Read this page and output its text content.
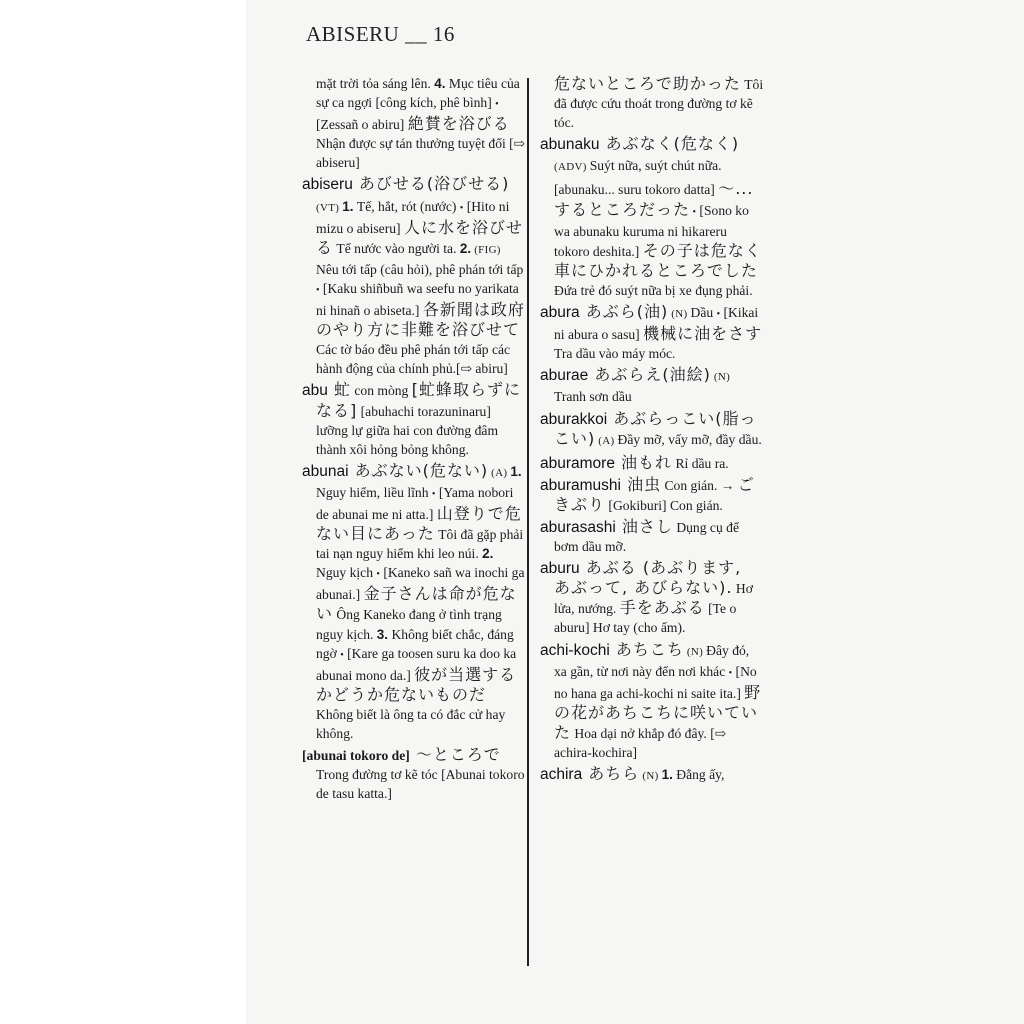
ABISERU __ 16
mặt trời tỏa sáng lên. 4. Mục tiêu của sự ca ngợi [công kích, phê bình] • [Zessañ o abiru] 絶賛を浴びる Nhận được sự tán thưởng tuyệt đối [⇨ abiseru]
abiseru あびせる(浴びせる) (VT) 1. Tế, hắt, rót (nước) • [Hito ni mizu o abiseru] 人に水を浴びせる Tế nước vào người ta. 2. (FIG) Nêu tới tấp (câu hỏi), phê phán tới tấp • [Kaku shiñbuñ wa seefu no yarikata ni hinañ o abiseta.] 各新聞は政府のやり方に非難を浴びせて Các tờ báo đều phê phán tới tấp các hành động của chính phủ.[⇨ abiru]
abu 虻 con mòng [虻蜂取らずになる] [abuhachi torazuninaru] lưỡng lự giữa hai con đường đâm thành xôi hỏng bỏng không.
abunai あぶない(危ない) (A) 1. Nguy hiểm, liều lĩnh • [Yama nobori de abunai me ni atta.] 山登りで危ない目にあった Tôi đã gặp phải tai nạn nguy hiểm khi leo núi. 2. Nguy kịch • [Kaneko sañ wa inochi ga abunai.] 金子さんは命が危ない Ông Kaneko đang ở tình trạng nguy kịch. 3. Không biết chắc, đáng ngờ • [Kare ga toosen suru ka doo ka abunai mono da.] 彼が当選するかどうか危ないものだ Không biết là ông ta có đắc cử hay không.
[abunai tokoro de] 〜ところで Trong đường tơ kẽ tóc [Abunai tokoro de tasu katta.]
危ないところで助かった Tôi đã được cứu thoát trong đường tơ kẽ tóc.
abunaku あぶなく(危なく) (ADV) Suýt nữa, suýt chút nữa.
[abunaku... suru tokoro datta] 〜...するところだった • [Sono ko wa abunaku kuruma ni hikareru tokoro deshita.] その子は危なく車にひかれるところでした Đứa trẻ đó suýt nữa bị xe đụng phải.
abura あぶら(油) (N) Dầu • [Kikai ni abura o sasu] 機械に油をさす Tra dầu vào máy móc.
aburae あぶらえ(油絵) (N) Tranh sơn dầu
aburakkoi あぶらっこい(脂っこい) (A) Đầy mỡ, vấy mỡ, đầy dầu.
aburamore 油もれ Rỉ dầu ra.
aburamushi 油虫 Con gián. → ごきぶり [Gokiburi] Con gián.
aburasashi 油さし Dụng cụ để bơm dầu mỡ.
aburu あぶる (あぶります, あぶって, あびらない). Hơ lửa, nướng. 手をあぶる [Te o aburu] Hơ tay (cho ấm).
achi-kochi あちこち (N) Đây đó, xa gần, từ nơi này đến nơi khác • [No no hana ga achi-kochi ni saite ita.] 野の花があちこちに咲いていた Hoa dại nở khắp đó đây. [⇨ achira-kochira]
achira あちら (N) 1. Đằng ấy,
